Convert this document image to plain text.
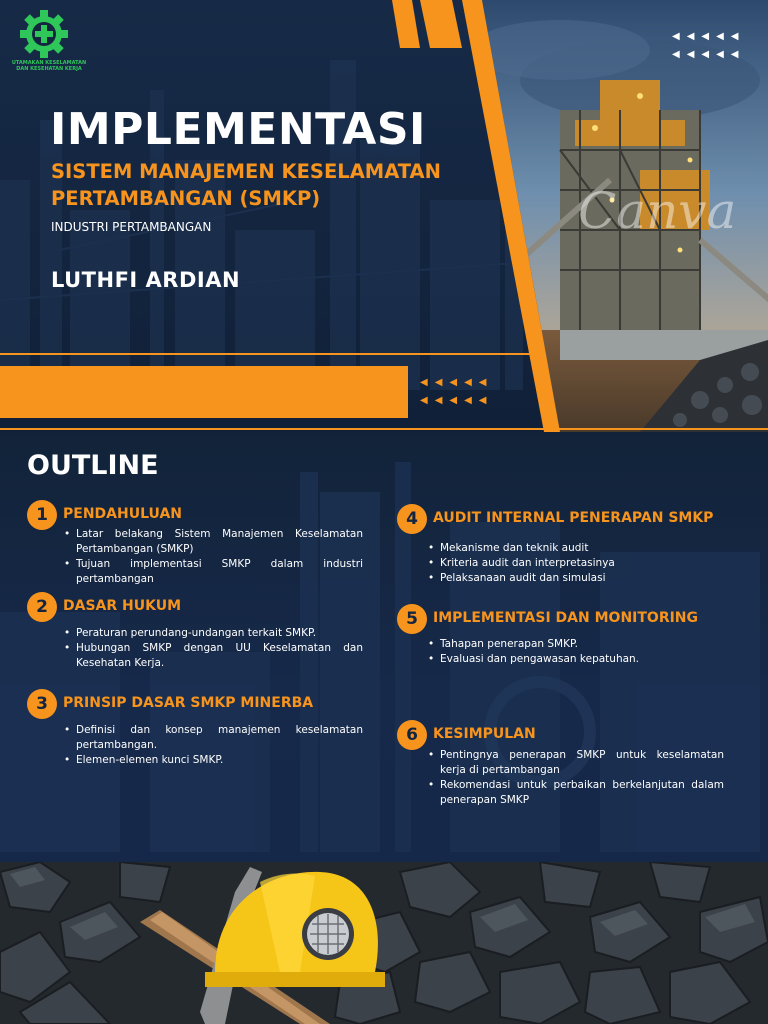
Canva
UTAMAKAN KESELAMATAN
DAN KESEHATAN KERJA
IMPLEMENTASI
SISTEM MANAJEMEN KESELAMATAN
PERTAMBANGAN (SMKP)
INDUSTRI PERTAMBANGAN
LUTHFI ARDIAN
◀◀◀◀◀
◀◀◀◀◀
◀◀◀◀◀
◀◀◀◀◀
OUTLINE
1	PENDAHULUAN
• Latar belakang Sistem Manajemen Keselamatan Pertambangan (SMKP)
• Tujuan implementasi SMKP dalam industri pertambangan
2	DASAR HUKUM
• Peraturan perundang-undangan terkait SMKP.
• Hubungan SMKP dengan UU Keselamatan dan Kesehatan Kerja.
3	PRINSIP DASAR SMKP MINERBA
• Definisi dan konsep manajemen keselamatan pertambangan.
• Elemen-elemen kunci SMKP.
4	AUDIT INTERNAL PENERAPAN SMKP
• Mekanisme dan teknik audit
• Kriteria audit dan interpretasinya
• Pelaksanaan audit dan simulasi
5	IMPLEMENTASI DAN MONITORING
• Tahapan penerapan SMKP.
• Evaluasi dan pengawasan kepatuhan.
6	KESIMPULAN
• Pentingnya penerapan SMKP untuk keselamatan kerja di pertambangan
• Rekomendasi untuk perbaikan berkelanjutan dalam penerapan SMKP
